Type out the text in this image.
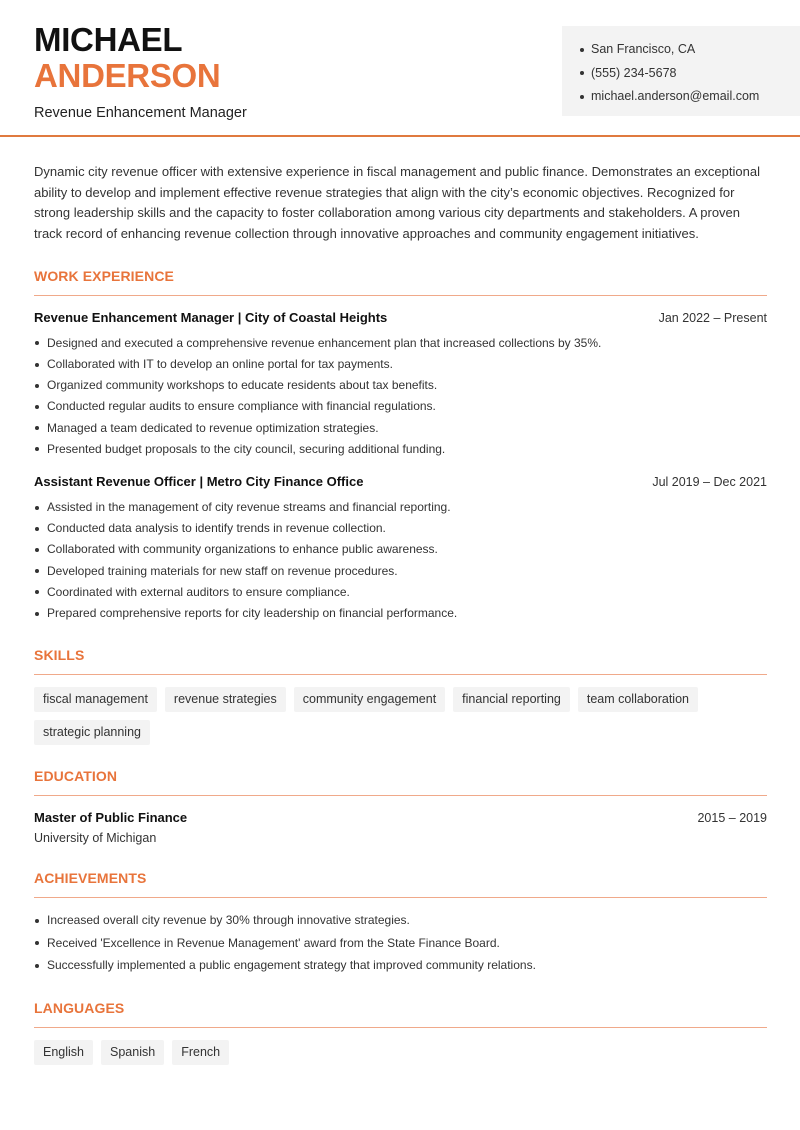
MICHAEL
ANDERSON
Revenue Enhancement Manager
San Francisco, CA
(555) 234-5678
michael.anderson@email.com

Dynamic city revenue officer with extensive experience in fiscal management and public finance. Demonstrates an exceptional ability to develop and implement effective revenue strategies that align with the city’s economic objectives. Recognized for strong leadership skills and the capacity to foster collaboration among various city departments and stakeholders. A proven track record of enhancing revenue collection through innovative approaches and community engagement initiatives.

WORK EXPERIENCE
Revenue Enhancement Manager | City of Coastal Heights	Jan 2022 – Present
Designed and executed a comprehensive revenue enhancement plan that increased collections by 35%.
Collaborated with IT to develop an online portal for tax payments.
Organized community workshops to educate residents about tax benefits.
Conducted regular audits to ensure compliance with financial regulations.
Managed a team dedicated to revenue optimization strategies.
Presented budget proposals to the city council, securing additional funding.
Assistant Revenue Officer | Metro City Finance Office	Jul 2019 – Dec 2021
Assisted in the management of city revenue streams and financial reporting.
Conducted data analysis to identify trends in revenue collection.
Collaborated with community organizations to enhance public awareness.
Developed training materials for new staff on revenue procedures.
Coordinated with external auditors to ensure compliance.
Prepared comprehensive reports for city leadership on financial performance.
SKILLS
fiscal management	revenue strategies	community engagement	financial reporting	team collaboration
strategic planning
EDUCATION
Master of Public Finance	2015 – 2019
University of Michigan
ACHIEVEMENTS
Increased overall city revenue by 30% through innovative strategies.
Received 'Excellence in Revenue Management' award from the State Finance Board.
Successfully implemented a public engagement strategy that improved community relations.
LANGUAGES
English	Spanish	French
